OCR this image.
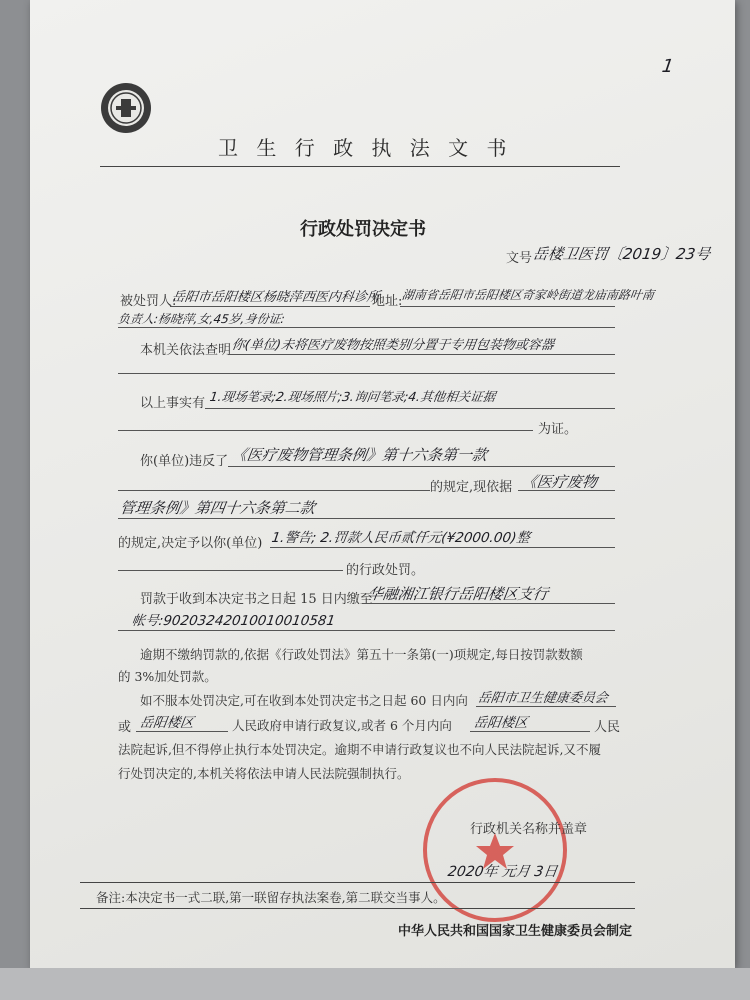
1
卫 生 行 政 执 法 文 书
行政处罚决定书
文号 岳楼卫医罚〔2019〕23号
被处罚人:
岳阳市岳阳楼区杨晓萍西医内科诊所
地址:
湖南省岳阳市岳阳楼区奇家岭街道龙庙南路叶南
负责人:杨晓萍,女,45岁,身份证:
本机关依法查明 你(单位)未将医疗废物按照类别分置于专用包装物或容器
以上事实有 1.现场笔录;2.现场照片;3.询问笔录;4.其他相关证据
为证。
你(单位)违反了 《医疗废物管理条例》第十六条第一款
的规定,现依据 《医疗废物
管理条例》第四十六条第二款
的规定,决定予以你(单位) 1.警告; 2.罚款人民币贰仟元(¥2000.00)整
的行政处罚。
罚款于收到本决定书之日起 15 日内缴至
华融湘江银行岳阳楼区支行
帐号:90203242010010010581
逾期不缴纳罚款的,依据《行政处罚法》第五十一条第(一)项规定,每日按罚款数额
的 3%加处罚款。
如不服本处罚决定,可在收到本处罚决定书之日起 60 日内向 岳阳市卫生健康委员会
或 岳阳楼区	人民政府申请行政复议,或者 6 个月内向 岳阳楼区	人民
法院起诉,但不得停止执行本处罚决定。逾期不申请行政复议也不向人民法院起诉,又不履
行处罚决定的,本机关将依法申请人民法院强制执行。
行政机关名称并盖章
2020年 元月 3日
备注:本决定书一式二联,第一联留存执法案卷,第二联交当事人。
中华人民共和国国家卫生健康委员会制定
